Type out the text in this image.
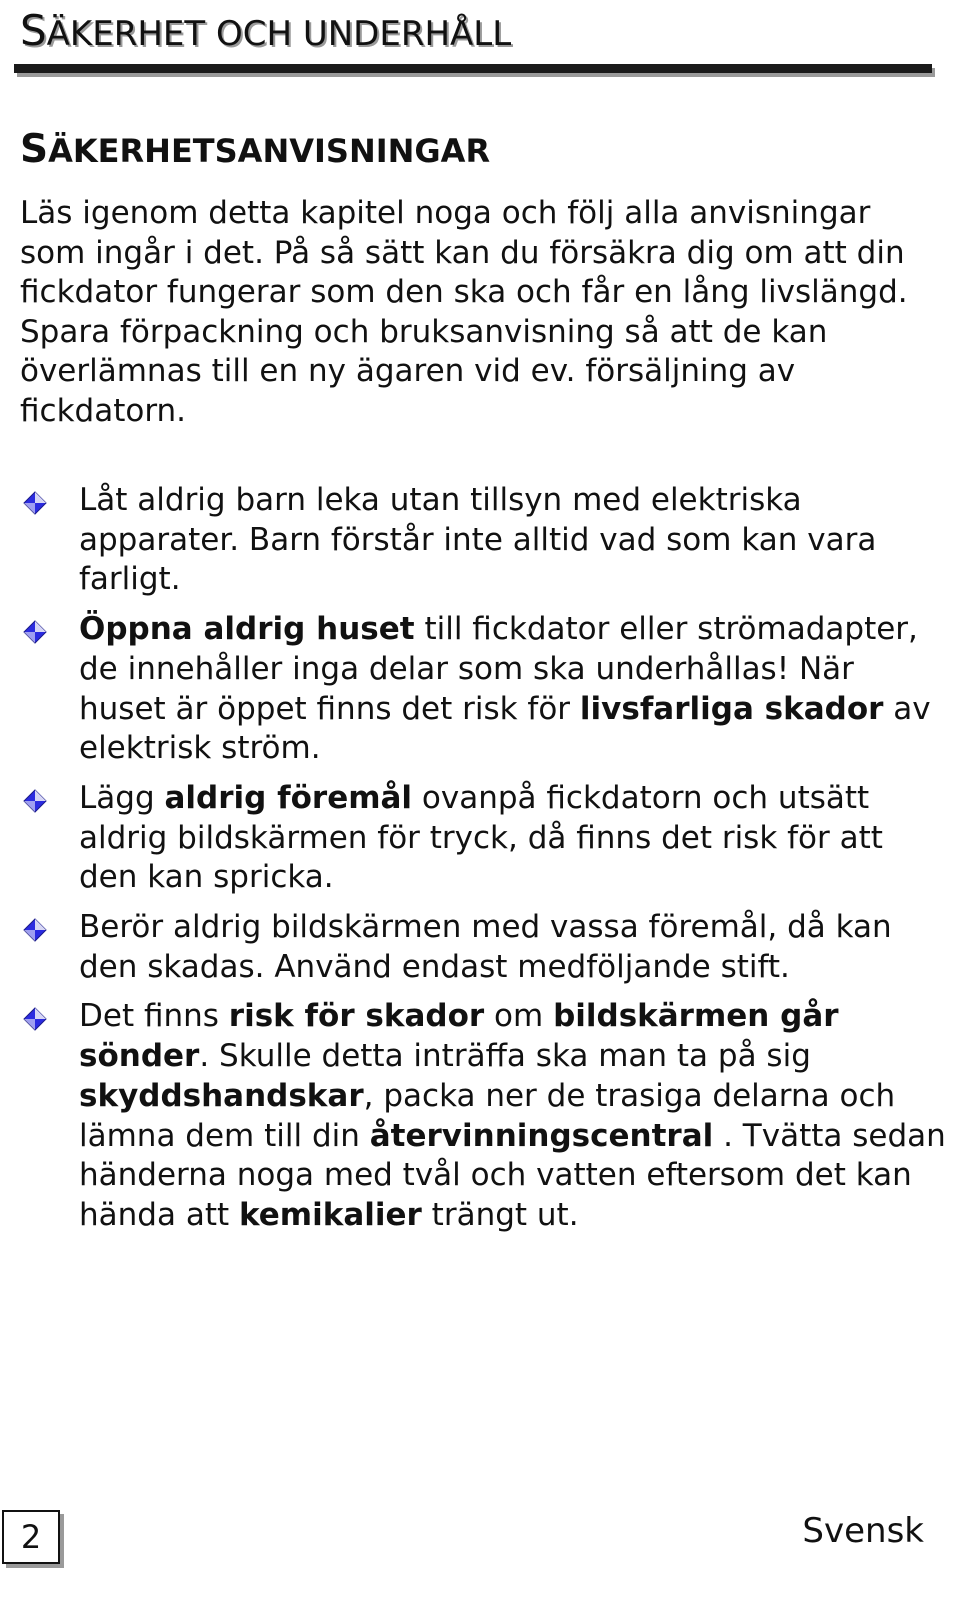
SÄKERHET OCH UNDERHÅLL
SÄKERHETSANVISNINGAR

Läs igenom detta kapitel noga och följ alla anvisningar som ingår i det. På så sätt kan du försäkra dig om att din fickdator fungerar som den ska och får en lång livslängd.

Spara förpackning och bruksanvisning så att de kan överlämnas till en ny ägaren vid ev. försäljning av fickdatorn.

Låt aldrig barn leka utan tillsyn med elektriska apparater. Barn förstår inte alltid vad som kan vara farligt.
Öppna aldrig huset till fickdator eller strömadapter, de innehåller inga delar som ska underhållas! När huset är öppet finns det risk för livsfarliga skador av elektrisk ström.
Lägg aldrig föremål ovanpå fickdatorn och utsätt aldrig bildskärmen för tryck, då finns det risk för att den kan spricka.
Berör aldrig bildskärmen med vassa föremål, då kan den skadas. Använd endast medföljande stift.
Det finns risk för skador om bildskärmen går sönder. Skulle detta inträffa ska man ta på sig skyddshandskar, packa ner de trasiga delarna och lämna dem till din återvinningscentral . Tvätta sedan händerna noga med tvål och vatten eftersom det kan hända att kemikalier trängt ut.
2	Svensk
